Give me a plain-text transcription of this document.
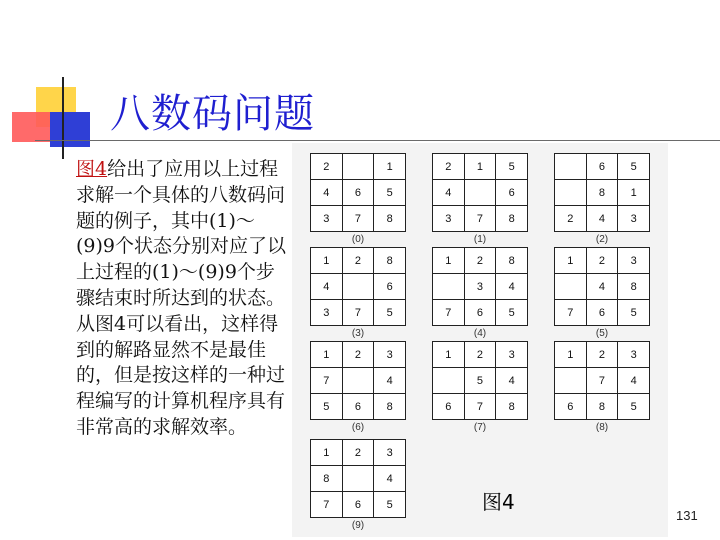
八数码问题

图4给出了应用以上过程求解一个具体的八数码问题的例子，其中(1)～(9)9个状态分别对应了以上过程的(1)～(9)9个步骤结束时所达到的状态。

从图4可以看出，这样得到的解路显然不是最佳的，但是按这样的一种过程编写的计算机程序具有非常高的求解效率。

2		1
4	6	5
3	7	8
(0)
2	1	5
4		6
3	7	8
(1)
	6	5
	8	1
2	4	3
(2)
1	2	8
4		6
3	7	5
(3)
1	2	8
	3	4
7	6	5
(4)
1	2	3
	4	8
7	6	5
(5)
1	2	3
7		4
5	6	8
(6)
1	2	3
	5	4
6	7	8
(7)
1	2	3
	7	4
6	8	5
(8)
1	2	3
8		4
7	6	5
(9)
图4
131
